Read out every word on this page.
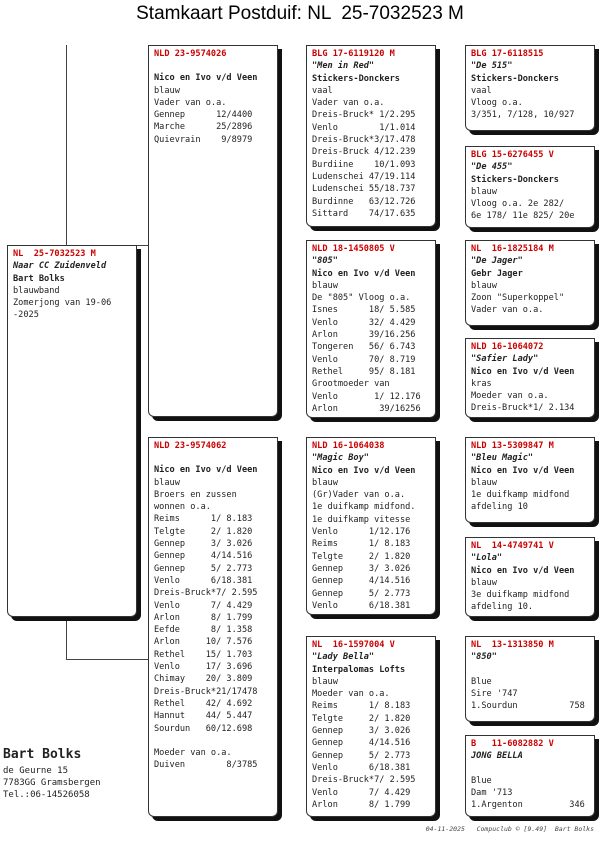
Stamkaart Postduif: NL  25-7032523 M
NL  25-7032523 M
Naar CC Zuidenveld
Bart Bolks
blauwband
Zomerjong van 19-06
-2025
NLD 23-9574026
Nico en Ivo v/d Veen
blauw
Vader van o.a.
Gennep      12/4400
Marche      25/2896
Quievrain    9/8979
NLD 23-9574062
Nico en Ivo v/d Veen
blauw
Broers en zussen
wonnen o.a.
Reims      1/ 8.183
Telgte     2/ 1.820
Gennep     3/ 3.026
Gennep     4/14.516
Gennep     5/ 2.773
Venlo      6/18.381
Dreis-Bruck*7/ 2.595
Venlo      7/ 4.429
Arlon      8/ 1.799
Eefde      8/ 1.358
Arlon     10/ 7.576
Rethel    15/ 1.703
Venlo     17/ 3.696
Chimay    20/ 3.809
Dreis-Bruck*21/17478
Rethel    42/ 4.692
Hannut    44/ 5.447
Sourdun   60/12.698
Moeder van o.a.
Duiven        8/3785
BLG 17-6119120 M
"Men in Red"
Stickers-Donckers
vaal
Vader van o.a.
Dreis-Bruck* 1/2.295
Venlo        1/1.014
Dreis-Bruck*3/17.478
Dreis-Bruck 4/12.239
Burdiine    10/1.093
Ludenschei 47/19.114
Ludenschei 55/18.737
Burdinne   63/12.726
Sittard    74/17.635
NLD 18-1450805 V
"805"
Nico en Ivo v/d Veen
blauw
De "805" Vloog o.a.
Isnes      18/ 5.585
Venlo      32/ 4.429
Arlon      39/16.256
Tongeren   56/ 6.743
Venlo      70/ 8.719
Rethel     95/ 8.181
Grootmoeder van
Venlo       1/ 12.176
Arlon        39/16256
NLD 16-1064038
"Magic Boy"
Nico en Ivo v/d Veen
blauw
(Gr)Vader van o.a.
1e duifkamp midfond.
1e duifkamp vitesse
Venlo      1/12.176
Reims      1/ 8.183
Telgte     2/ 1.820
Gennep     3/ 3.026
Gennep     4/14.516
Gennep     5/ 2.773
Venlo      6/18.381
NL  16-1597004 V
"Lady Bella"
Interpalomas Lofts
blauw
Moeder van o.a.
Reims      1/ 8.183
Telgte     2/ 1.820
Gennep     3/ 3.026
Gennep     4/14.516
Gennep     5/ 2.773
Venlo      6/18.381
Dreis-Bruck*7/ 2.595
Venlo      7/ 4.429
Arlon      8/ 1.799
BLG 17-6118515
"De 515"
Stickers-Donckers
vaal
Vloog o.a.
3/351, 7/128, 10/927
BLG 15-6276455 V
"De 455"
Stickers-Donckers
blauw
Vloog o.a. 2e 282/
6e 178/ 11e 825/ 20e
NL  16-1825184 M
"De Jager"
Gebr Jager
blauw
Zoon "Superkoppel"
Vader van o.a.
NLD 16-1064072
"Safier Lady"
Nico en Ivo v/d Veen
kras
Moeder van o.a.
Dreis-Bruck*1/ 2.134
NLD 13-5309847 M
"Bleu Magic"
Nico en Ivo v/d Veen
blauw
1e duifkamp midfond
afdeling 10
NL  14-4749741 V
"Lola"
Nico en Ivo v/d Veen
blauw
3e duifkamp midfond
afdeling 10.
NL  13-1313850 M
"850"
Blue
Sire '747
1.Sourdun          758
B   11-6082882 V
JONG BELLA
Blue
Dam '713
1.Argenton         346
Bart Bolks
de Geurne 15
7783GG Gramsbergen
Tel.:06-14526058
04-11-2025   Compuclub © [9.49]  Bart Bolks
